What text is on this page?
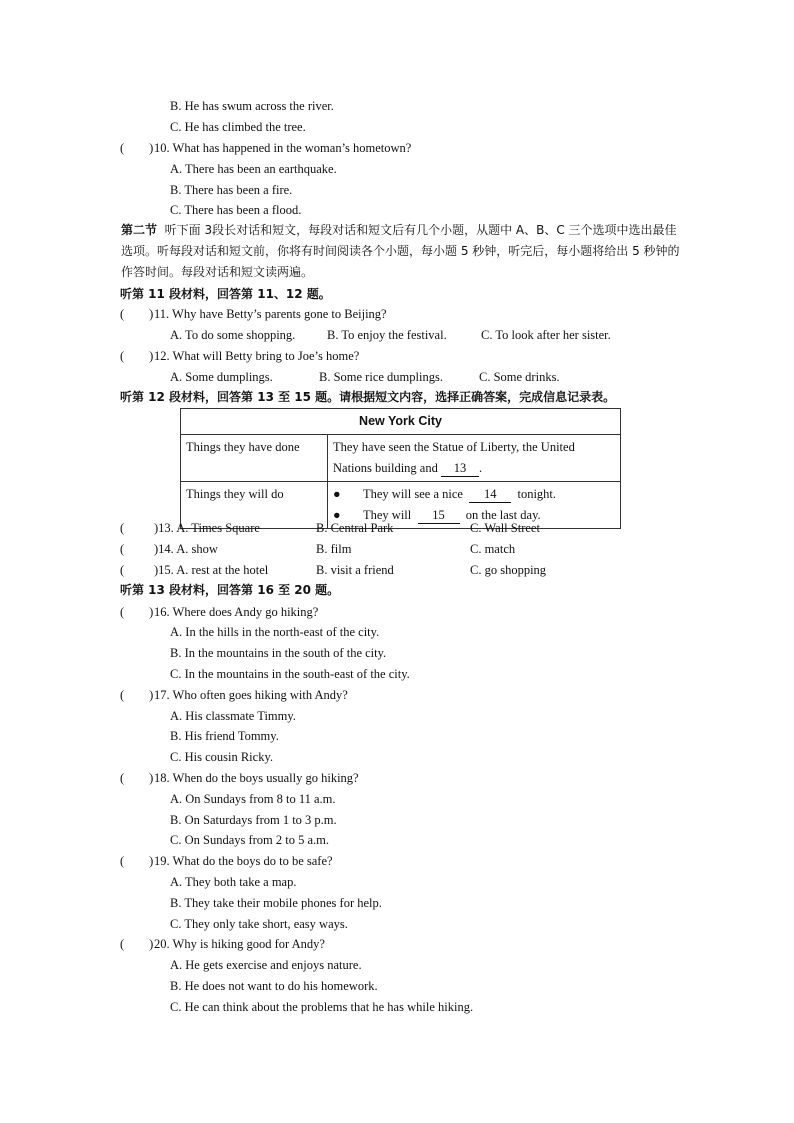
B. He has swum across the river.
C. He has climbed the tree.
(        )10. What has happened in the woman’s hometown?
A. There has been an earthquake.
B. There has been a fire.
C. There has been a flood.
第二节 听下面 3段长对话和短文，每段对话和短文后有几个小题，从题中 A、B、C 三个选项中选出最佳选项。听每段对话和短文前，你将有时间阅读各个小题，每小题 5 秒钟，听完后，每小题将给出 5 秒钟的作答时间。每段对话和短文读两遍。
听第 11 段材料，回答第 11、12 题。
(        )11. Why have Betty’s parents gone to Beijing?
A. To do some shopping.	B. To enjoy the festival.	C. To look after her sister.
(        )12. What will Betty bring to Joe’s home?
A. Some dumplings.	B. Some rice dumplings.	C. Some drinks.
听第 12 段材料，回答第 13 至 15 题。请根据短文内容，选择正确答案，完成信息记录表。
New York City	
Things they have done	They have seen the Statue of Liberty, the United Nations building and 13 .
Things they will do	● They will see a nice 14 tonight.
● They will 15 on the last day.
(        )13. A. Times Square	B. Central Park	C. Wall Street
(        )14. A. show	B. film	C. match
(        )15. A. rest at the hotel	B. visit a friend	C. go shopping
听第 13 段材料，回答第 16 至 20 题。
(        )16. Where does Andy go hiking?
A. In the hills in the north-east of the city.
B. In the mountains in the south of the city.
C. In the mountains in the south-east of the city.
(        )17. Who often goes hiking with Andy?
A. His classmate Timmy.
B. His friend Tommy.
C. His cousin Ricky.
(        )18. When do the boys usually go hiking?
A. On Sundays from 8 to 11 a.m.
B. On Saturdays from 1 to 3 p.m.
C. On Sundays from 2 to 5 a.m.
(        )19. What do the boys do to be safe?
A. They both take a map.
B. They take their mobile phones for help.
C. They only take short, easy ways.
(        )20. Why is hiking good for Andy?
A. He gets exercise and enjoys nature.
B. He does not want to do his homework.
C. He can think about the problems that he has while hiking.
